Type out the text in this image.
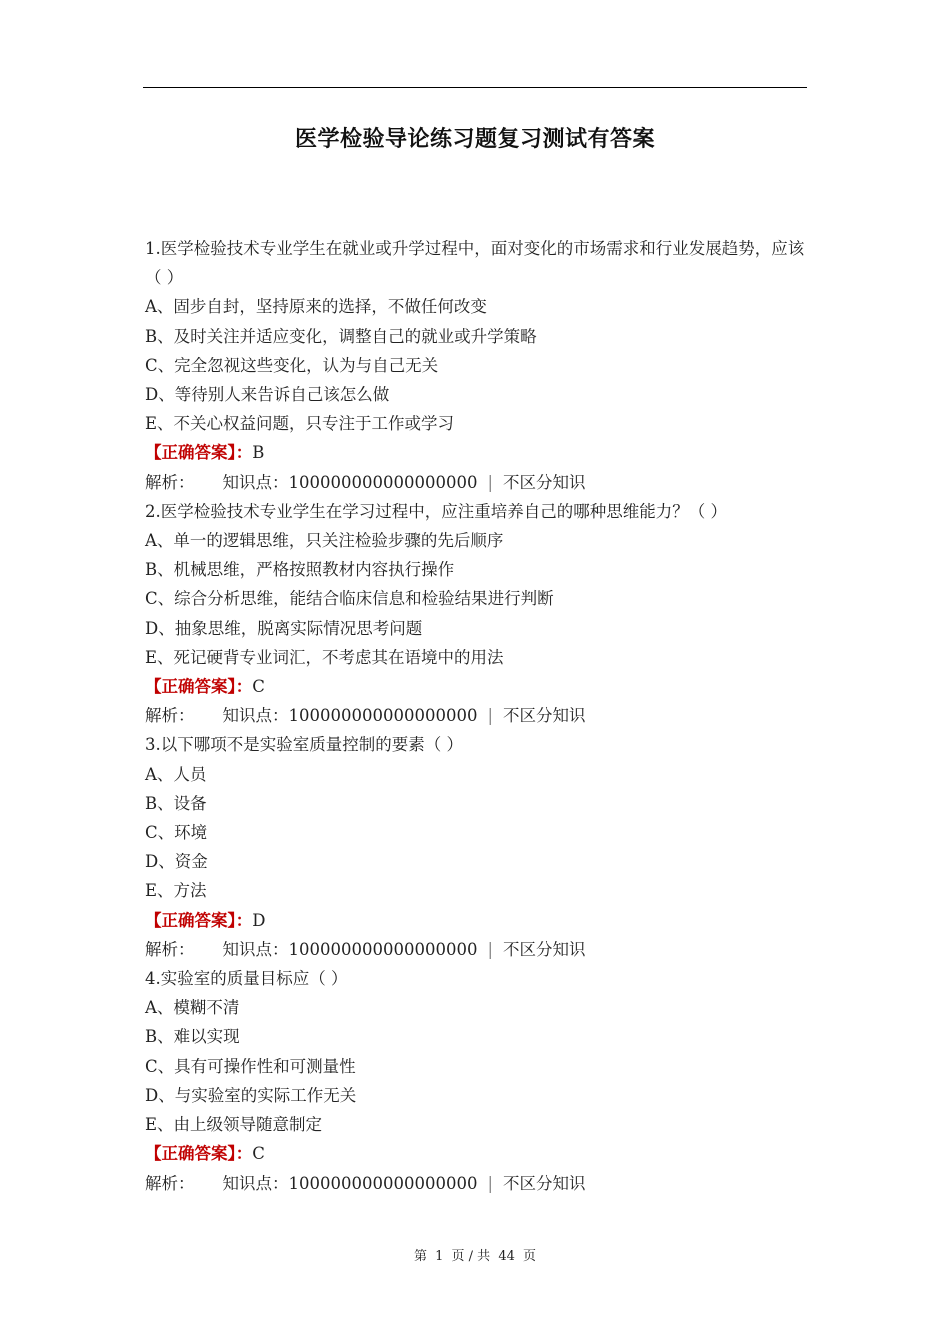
医学检验导论练习题复习测试有答案
1.医学检验技术专业学生在就业或升学过程中，面对变化的市场需求和行业发展趋势，应该（ ）
A、固步自封，坚持原来的选择，不做任何改变
B、及时关注并适应变化，调整自己的就业或升学策略
C、完全忽视这些变化，认为与自己无关
D、等待别人来告诉自己该怎么做
E、不关心权益问题，只专注于工作或学习
【正确答案】：B
解析： 知识点：100000000000000000 | 不区分知识
2.医学检验技术专业学生在学习过程中，应注重培养自己的哪种思维能力？（ ）
A、单一的逻辑思维，只关注检验步骤的先后顺序
B、机械思维，严格按照教材内容执行操作
C、综合分析思维，能结合临床信息和检验结果进行判断
D、抽象思维，脱离实际情况思考问题
E、死记硬背专业词汇，不考虑其在语境中的用法
【正确答案】：C
解析： 知识点：100000000000000000 | 不区分知识
3.以下哪项不是实验室质量控制的要素（ ）
A、人员
B、设备
C、环境
D、资金
E、方法
【正确答案】：D
解析： 知识点：100000000000000000 | 不区分知识
4.实验室的质量目标应（ ）
A、模糊不清
B、难以实现
C、具有可操作性和可测量性
D、与实验室的实际工作无关
E、由上级领导随意制定
【正确答案】：C
解析： 知识点：100000000000000000 | 不区分知识
第 1 页 / 共 44 页
